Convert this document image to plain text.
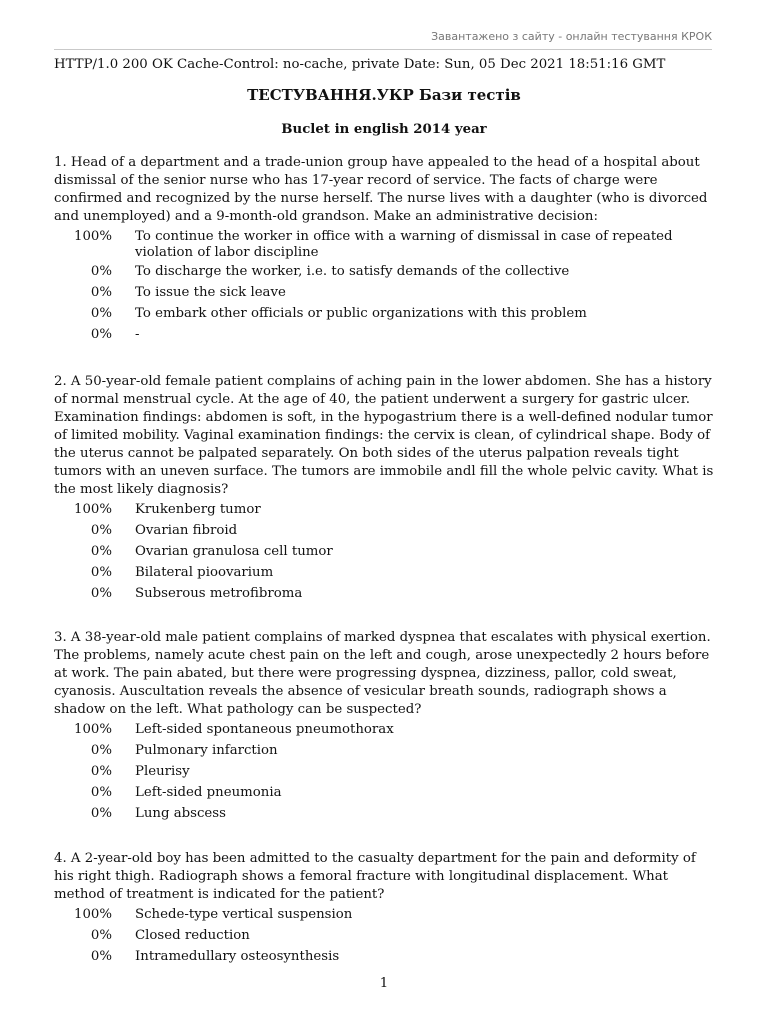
Завантажено з сайту - онлайн тестування КРОК
HTTP/1.0 200 OK Cache-Control: no-cache, private Date: Sun, 05 Dec 2021 18:51:16 GMT
ТЕСТУВАННЯ.УКР Бази тестів
Buclet in english 2014 year

1. Head of a department and a trade-union group have appealed to the head of a hospital about dismissal of the senior nurse who has 17-year record of service. The facts of charge were confirmed and recognized by the nurse herself. The nurse lives with a daughter (who is divorced and unemployed) and a 9-month-old grandson. Make an administrative decision:

100%	To continue the worker in office with a warning of dismissal in case of repeated violation of labor discipline
0%	To discharge the worker, i.e. to satisfy demands of the collective
0%	To issue the sick leave
0%	To embark other officials or public organizations with this problem
0%	-

2. A 50-year-old female patient complains of aching pain in the lower abdomen. She has a history of normal menstrual cycle. At the age of 40, the patient underwent a surgery for gastric ulcer. Examination findings: abdomen is soft, in the hypogastrium there is a well-defined nodular tumor of limited mobility. Vaginal examination findings: the cervix is clean, of cylindrical shape. Body of the uterus cannot be palpated separately. On both sides of the uterus palpation reveals tight tumors with an uneven surface. The tumors are immobile andl fill the whole pelvic cavity. What is the most likely diagnosis?

100%	Krukenberg tumor
0%	Ovarian fibroid
0%	Ovarian granulosa cell tumor
0%	Bilateral pioovarium
0%	Subserous metrofibroma

3. A 38-year-old male patient complains of marked dyspnea that escalates with physical exertion. The problems, namely acute chest pain on the left and cough, arose unexpectedly 2 hours before at work. The pain abated, but there were progressing dyspnea, dizziness, pallor, cold sweat, cyanosis. Auscultation reveals the absence of vesicular breath sounds, radiograph shows a shadow on the left. What pathology can be suspected?

100%	Left-sided spontaneous pneumothorax
0%	Pulmonary infarction
0%	Pleurisy
0%	Left-sided pneumonia
0%	Lung abscess

4. A 2-year-old boy has been admitted to the casualty department for the pain and deformity of his right thigh. Radiograph shows a femoral fracture with longitudinal displacement. What method of treatment is indicated for the patient?

100%	Schede-type vertical suspension
0%	Closed reduction
0%	Intramedullary osteosynthesis
1
